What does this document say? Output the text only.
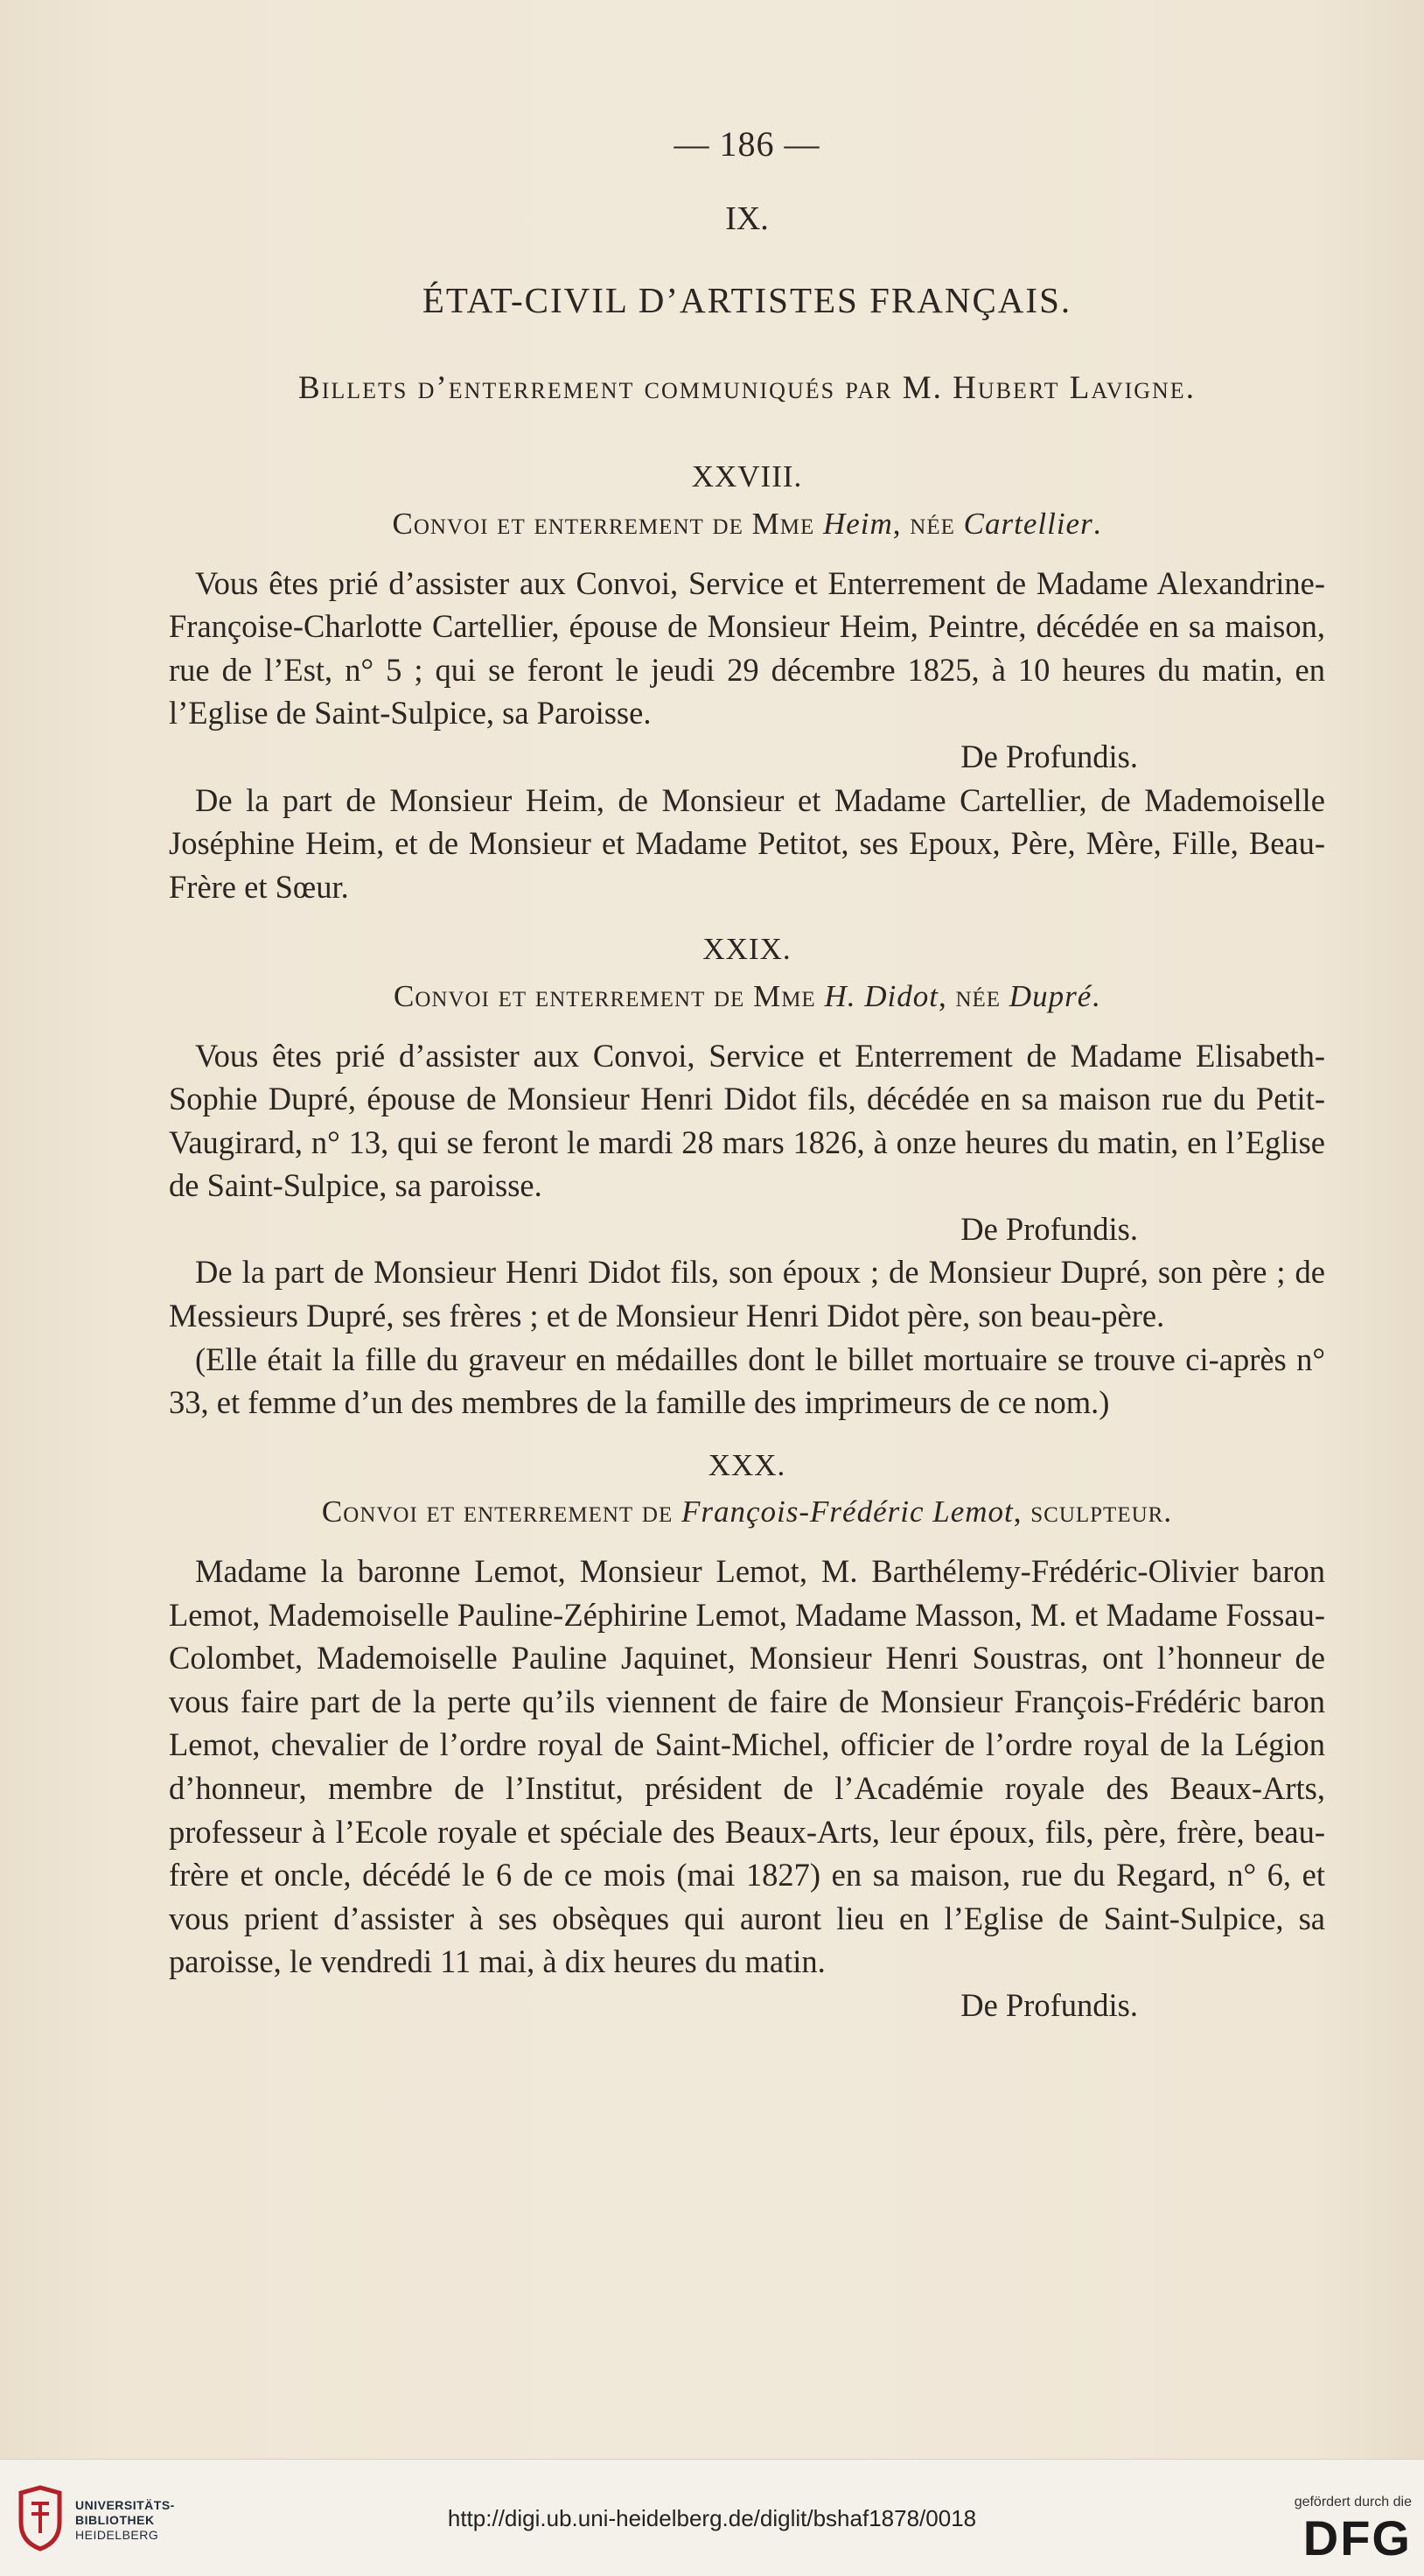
— 186 —
IX.
ÉTAT-CIVIL D’ARTISTES FRANÇAIS.
Billets d’enterrement communiqués par M. Hubert Lavigne.
XXVIII.
Convoi et enterrement de Mme Heim, née Cartellier.

Vous êtes prié d’assister aux Convoi, Service et Enterrement de Madame Alexandrine-Françoise-Charlotte Cartellier, épouse de Monsieur Heim, Peintre, décédée en sa maison, rue de l’Est, n° 5 ; qui se feront le jeudi 29 décembre 1825, à 10 heures du matin, en l’Eglise de Saint-Sulpice, sa Paroisse.

De Profundis.

De la part de Monsieur Heim, de Monsieur et Madame Cartellier, de Mademoiselle Joséphine Heim, et de Monsieur et Madame Petitot, ses Epoux, Père, Mère, Fille, Beau-Frère et Sœur.

XXIX.
Convoi et enterrement de Mme H. Didot, née Dupré.

Vous êtes prié d’assister aux Convoi, Service et Enterrement de Madame Elisabeth-Sophie Dupré, épouse de Monsieur Henri Didot fils, décédée en sa maison rue du Petit-Vaugirard, n° 13, qui se feront le mardi 28 mars 1826, à onze heures du matin, en l’Eglise de Saint-Sulpice, sa paroisse.

De Profundis.

De la part de Monsieur Henri Didot fils, son époux ; de Monsieur Dupré, son père ; de Messieurs Dupré, ses frères ; et de Monsieur Henri Didot père, son beau-père.

(Elle était la fille du graveur en médailles dont le billet mortuaire se trouve ci-après n° 33, et femme d’un des membres de la famille des imprimeurs de ce nom.)

XXX.
Convoi et enterrement de François-Frédéric Lemot, sculpteur.

Madame la baronne Lemot, Monsieur Lemot, M. Barthélemy-Frédéric-Olivier baron Lemot, Mademoiselle Pauline-Zéphirine Lemot, Madame Masson, M. et Madame Fossau-Colombet, Mademoiselle Pauline Jaquinet, Monsieur Henri Soustras, ont l’honneur de vous faire part de la perte qu’ils viennent de faire de Monsieur François-Frédéric baron Lemot, chevalier de l’ordre royal de Saint-Michel, officier de l’ordre royal de la Légion d’honneur, membre de l’Institut, président de l’Académie royale des Beaux-Arts, professeur à l’Ecole royale et spéciale des Beaux-Arts, leur époux, fils, père, frère, beau-frère et oncle, décédé le 6 de ce mois (mai 1827) en sa maison, rue du Regard, n° 6, et vous prient d’assister à ses obsèques qui auront lieu en l’Eglise de Saint-Sulpice, sa paroisse, le vendredi 11 mai, à dix heures du matin.

De Profundis.

UNIVERSITÄTS-
BIBLIOTHEK
HEIDELBERG
http://digi.ub.uni-heidelberg.de/diglit/bshaf1878/0018
gefördert durch die
DFG
